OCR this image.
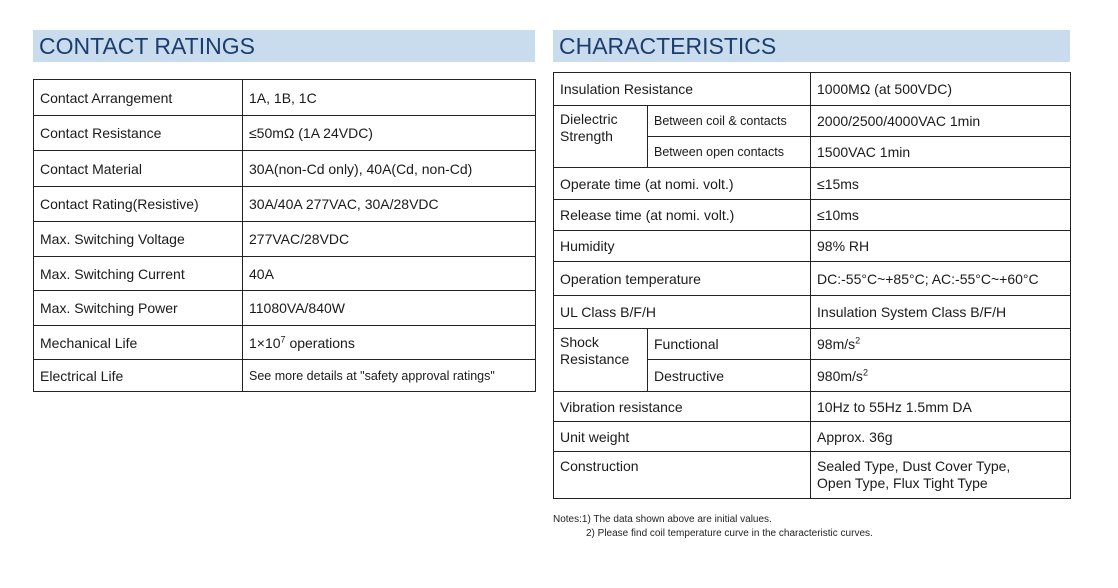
CONTACT RATINGS
Contact Arrangement	1A, 1B, 1C
Contact Resistance	≤50mΩ (1A 24VDC)
Contact Material	30A(non-Cd only), 40A(Cd, non-Cd)
Contact Rating(Resistive)	30A/40A 277VAC, 30A/28VDC
Max. Switching Voltage	277VAC/28VDC
Max. Switching Current	40A
Max. Switching Power	11080VA/840W
Mechanical Life	$1\times 10^7$ operations
Electrical Life	See more details at "safety approval ratings"
CHARACTERISTICS
Insulation Resistance		1000MΩ (at 500VDC)
Dielectric Strength	Between coil & contacts	2000/2500/4000VAC 1min
	Between open contacts	1500VAC 1min
Operate time (at nomi. volt.)		≤15ms
Release time (at nomi. volt.)		≤10ms
Humidity		98% RH
Operation temperature		DC:-55°C~+85°C; AC:-55°C~+60°C
UL Class B/F/H		Insulation System Class B/F/H
Shock Resistance	Functional	$98m/s^2$
	Destructive	$980m/s^2$
Vibration resistance		10Hz to 55Hz 1.5mm DA
Unit weight		Approx. 36g
Construction		Sealed Type, Dust Cover Type,
Open Type, Flux Tight Type
Notes:1) The data shown above are initial values.
2) Please find coil temperature curve in the characteristic curves.
